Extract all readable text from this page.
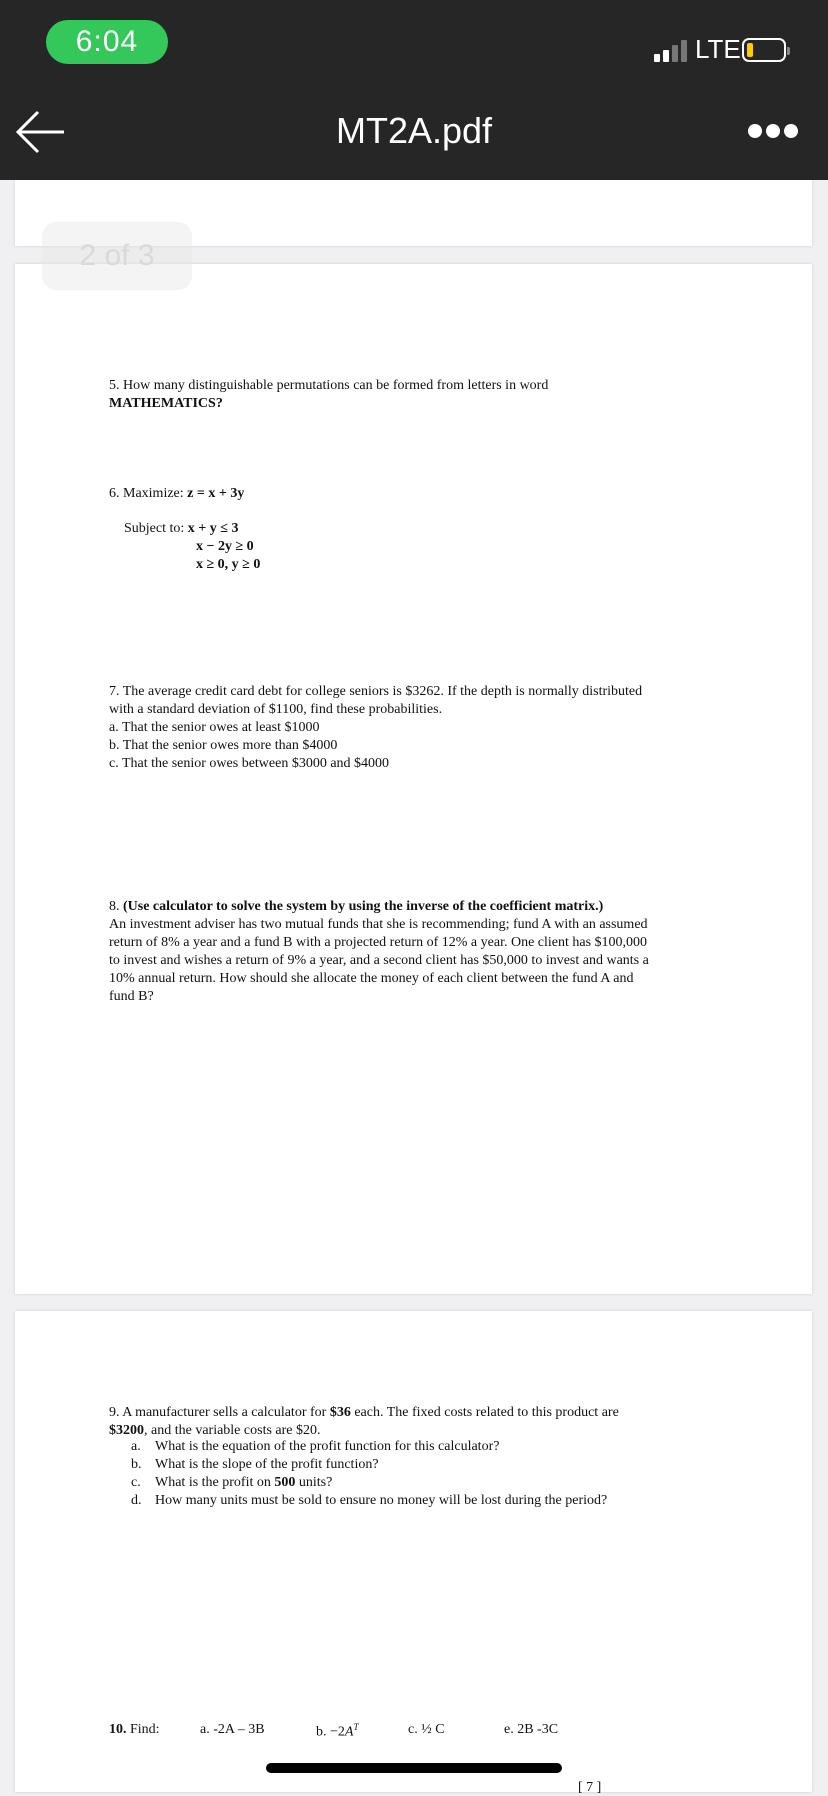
6:04	LTE
MT2A.pdf
2 of 3
5. How many distinguishable permutations can be formed from letters in word
MATHEMATICS?
6. Maximize: z = x + 3y
Subject to: x + y ≤ 3
x − 2y ≥ 0
x ≥ 0, y ≥ 0
7. The average credit card debt for college seniors is $3262. If the depth is normally distributed
with a standard deviation of $1100, find these probabilities.
a. That the senior owes at least $1000
b. That the senior owes more than $4000
c. That the senior owes between $3000 and $4000
8. (Use calculator to solve the system by using the inverse of the coefficient matrix.)
An investment adviser has two mutual funds that she is recommending; fund A with an assumed
return of 8% a year and a fund B with a projected return of 12% a year. One client has $100,000
to invest and wishes a return of 9% a year, and a second client has $50,000 to invest and wants a
10% annual return. How should she allocate the money of each client between the fund A and
fund B?
9. A manufacturer sells a calculator for $36 each. The fixed costs related to this product are
$3200, and the variable costs are $20.
a. What is the equation of the profit function for this calculator?
b. What is the slope of the profit function?
c. What is the profit on 500 units?
d. How many units must be sold to ensure no money will be lost during the period?
10. Find:	a. -2A – 3B	b. $-2A^T$	c. ½ C	e. 2B -3C
[ 7 ]
